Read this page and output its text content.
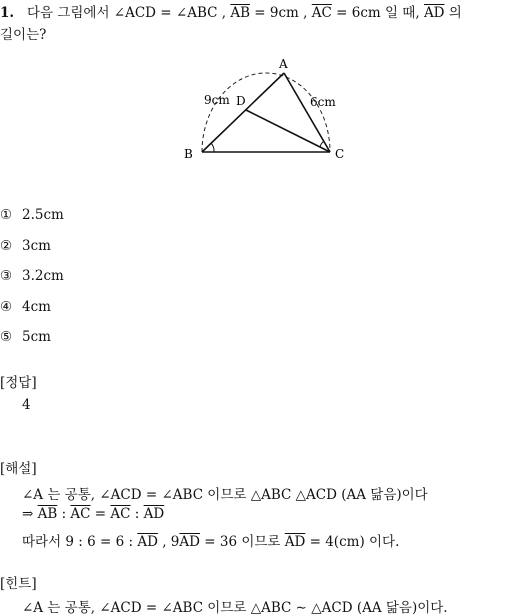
1. 다음 그림에서 ∠ACD = ∠ABC , $\overline{AB} = 9cm$ , $\overline{AC} = 6cm$ 일 때, $\overline{AD}$ 의
길이는?
A
B	C
D
9cm	6cm
① 2.5cm
② 3cm
③ 3.2cm
④ 4cm
⑤ 5cm
[정답]
4
[해설]
∠A 는 공통, ∠ACD = ∠ABC 이므로 △ABC △ACD (AA 닮음)이다
⇒ $\overline{AB}$ : $\overline{AC} = \overline{AC}$ : $\overline{AD}$
따라서 9 : 6 = 6 : $\overline{AD}$ , $9\overline{AD} = 36$ 이므로 $\overline{AD} = 4(cm)$ 이다.
[힌트]
∠A 는 공통, ∠ACD = ∠ABC 이므로 △ABC ∼ △ACD (AA 닮음)이다.
